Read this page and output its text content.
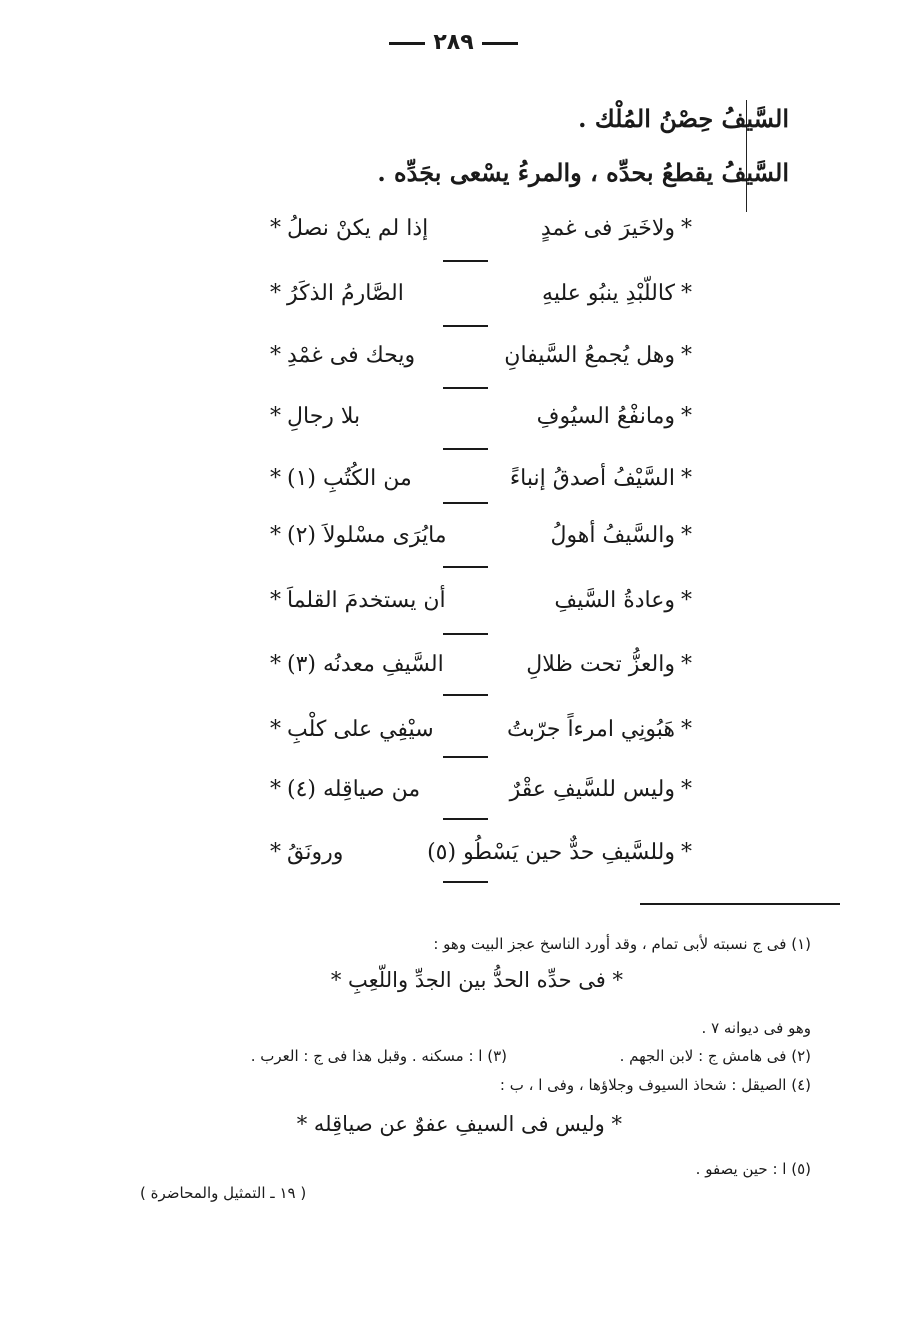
٢٨٩
السَّيفُ حِصْنُ المُلْك .
السَّيفُ يقطعُ بحدِّه ، والمرءُ يسْعى بجَدِّه .
*
ولاخَيرَ فى غمدٍ
إذا لم يكنْ نصلُ
*
*
كاللّبْدِ ينبُو عليهِ
الصَّارمُ الذكَرُ
*
*
وهل يُجمعُ السَّيفانِ
ويحك فى غمْدِ
*
*
ومانفْعُ السيُوفِ
بلا رجالِ
*
*
السَّيْفُ أصدقُ إنباءً
من الكُتُبِ (١)
*
*
والسَّيفُ أهولُ
مايُرَى مسْلولاَ (٢)
*
*
وعادةُ السَّيفِ
أن يستخدمَ القلماَ
*
*
والعزُّ تحت ظلالِ
السَّيفِ معدنُه (٣)
*
*
هَبُونِي امرءاً جرّبتُ
سيْفِي على كلْبِ
*
*
وليس للسَّيفِ عقْرٌ
من صياقِله (٤)
*
*
وللسَّيفِ حدٌّ حين يَسْطُو (٥)
ورونَقُ
*
(١) فى ج نسبته لأبى تمام ، وقد أورد الناسخ عجز البيت وهو :
* فى حدِّه الحدُّ بين الجدِّ واللّعِبِ *
وهو فى ديوانه ٧ .
(٢) فى هامش ج : لابن الجهم .
(٣) ا : مسكنه . وقبل هذا فى ج : العرب .
(٤) الصيقل : شحاذ السيوف وجلاؤها ، وفى ا ، ب :
* وليس فى السيفِ عفوٌ عن صياقِله *
(٥) ا : حين يصفو .
( ١٩ ـ التمثيل والمحاضرة )
